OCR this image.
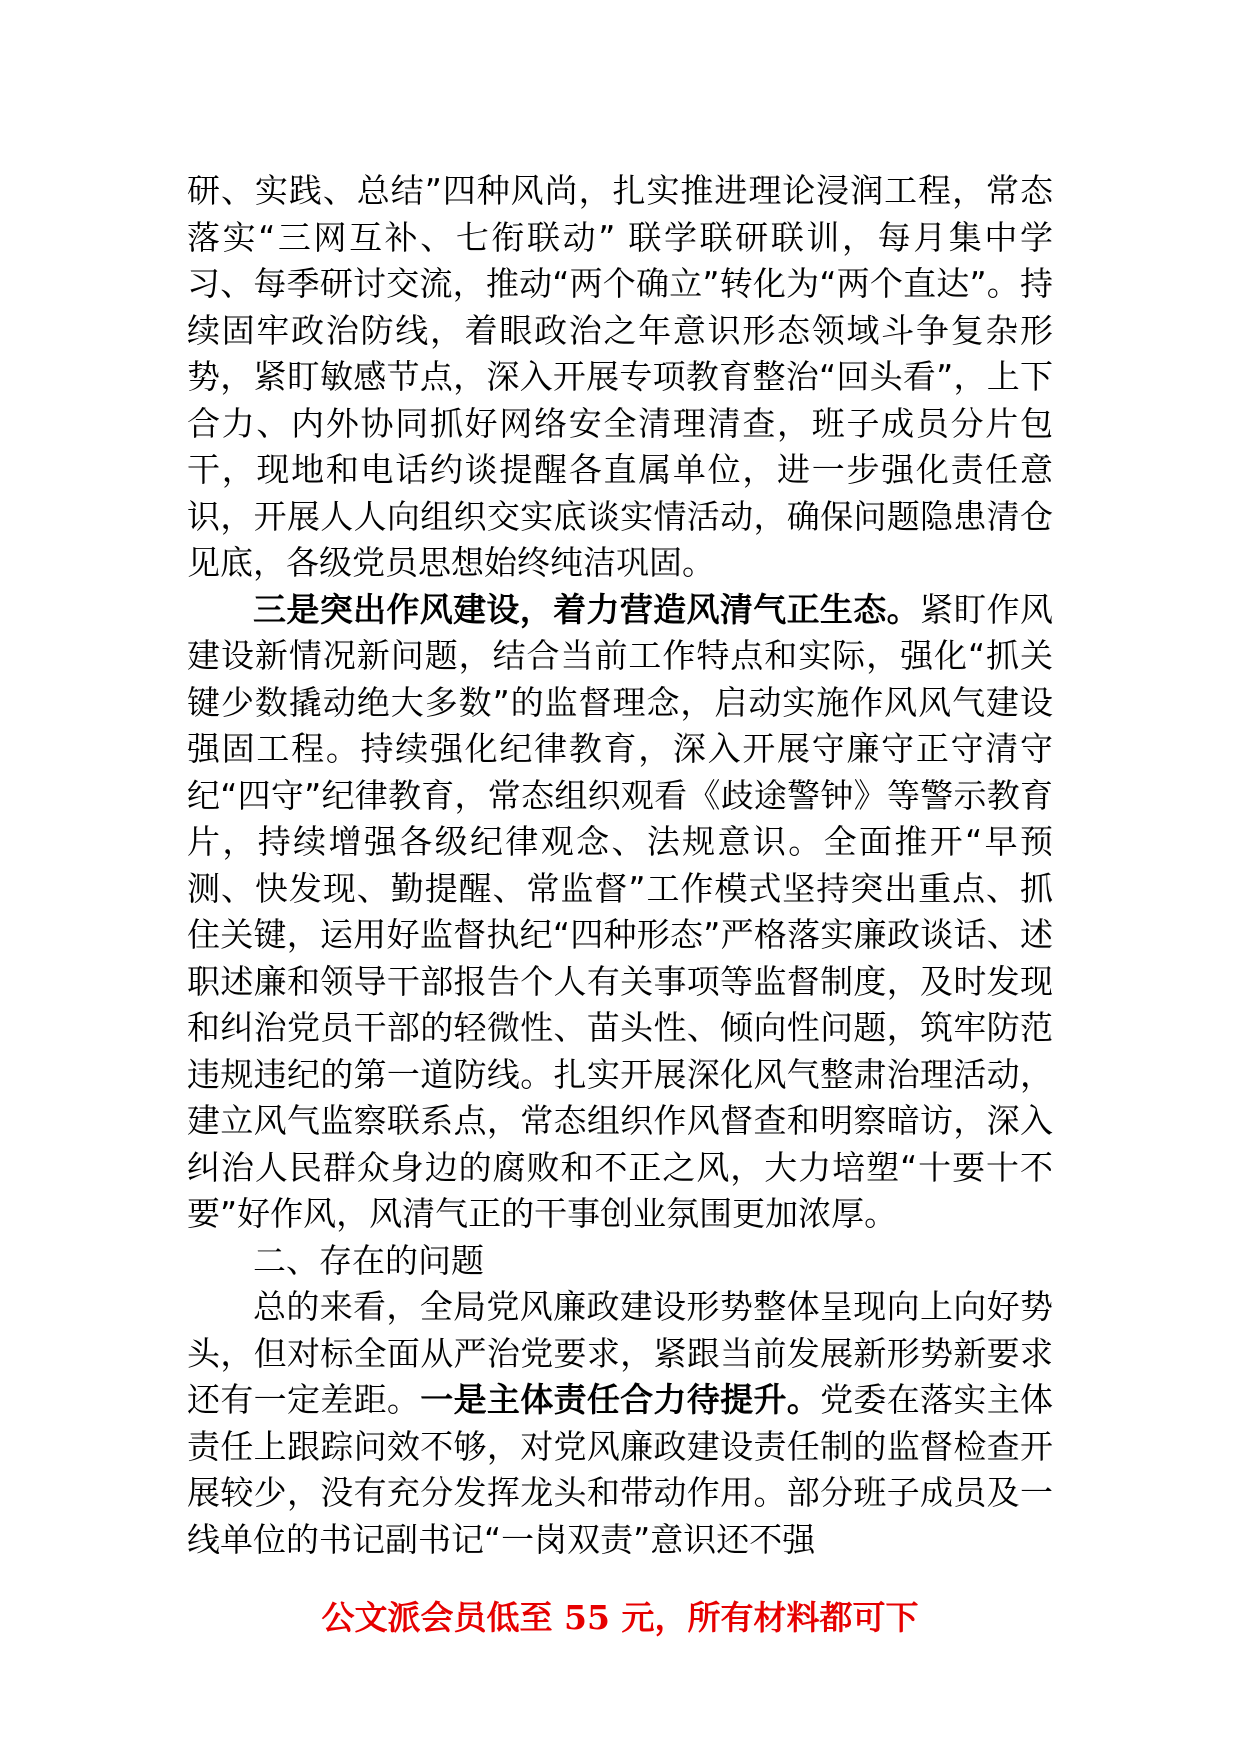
研、实践、总结”四种风尚，扎实推进理论浸润工程，常态落实“三网互补、七衔联动” 联学联研联训，每月集中学习、每季研讨交流，推动“两个确立”转化为“两个直达”。持续固牢政治防线，着眼政治之年意识形态领域斗争复杂形势，紧盯敏感节点，深入开展专项教育整治“回头看”，上下合力、内外协同抓好网络安全清理清查，班子成员分片包干，现地和电话约谈提醒各直属单位，进一步强化责任意识，开展人人向组织交实底谈实情活动，确保问题隐患清仓见底，各级党员思想始终纯洁巩固。

三是突出作风建设，着力营造风清气正生态。紧盯作风建设新情况新问题，结合当前工作特点和实际，强化“抓关键少数撬动绝大多数”的监督理念，启动实施作风风气建设强固工程。持续强化纪律教育，深入开展守廉守正守清守纪“四守”纪律教育，常态组织观看《歧途警钟》等警示教育片，持续增强各级纪律观念、法规意识。全面推开“早预测、快发现、勤提醒、常监督”工作模式坚持突出重点、抓住关键，运用好监督执纪“四种形态”严格落实廉政谈话、述职述廉和领导干部报告个人有关事项等监督制度，及时发现和纠治党员干部的轻微性、苗头性、倾向性问题，筑牢防范违规违纪的第一道防线。扎实开展深化风气整肃治理活动，建立风气监察联系点，常态组织作风督查和明察暗访，深入纠治人民群众身边的腐败和不正之风，大力培塑“十要十不要”好作风，风清气正的干事创业氛围更加浓厚。

二、存在的问题

总的来看，全局党风廉政建设形势整体呈现向上向好势头，但对标全面从严治党要求，紧跟当前发展新形势新要求还有一定差距。一是主体责任合力待提升。党委在落实主体责任上跟踪问效不够，对党风廉政建设责任制的监督检查开展较少，没有充分发挥龙头和带动作用。部分班子成员及一线单位的书记副书记“一岗双责”意识还不强

公文派会员低至 55 元，所有材料都可下
